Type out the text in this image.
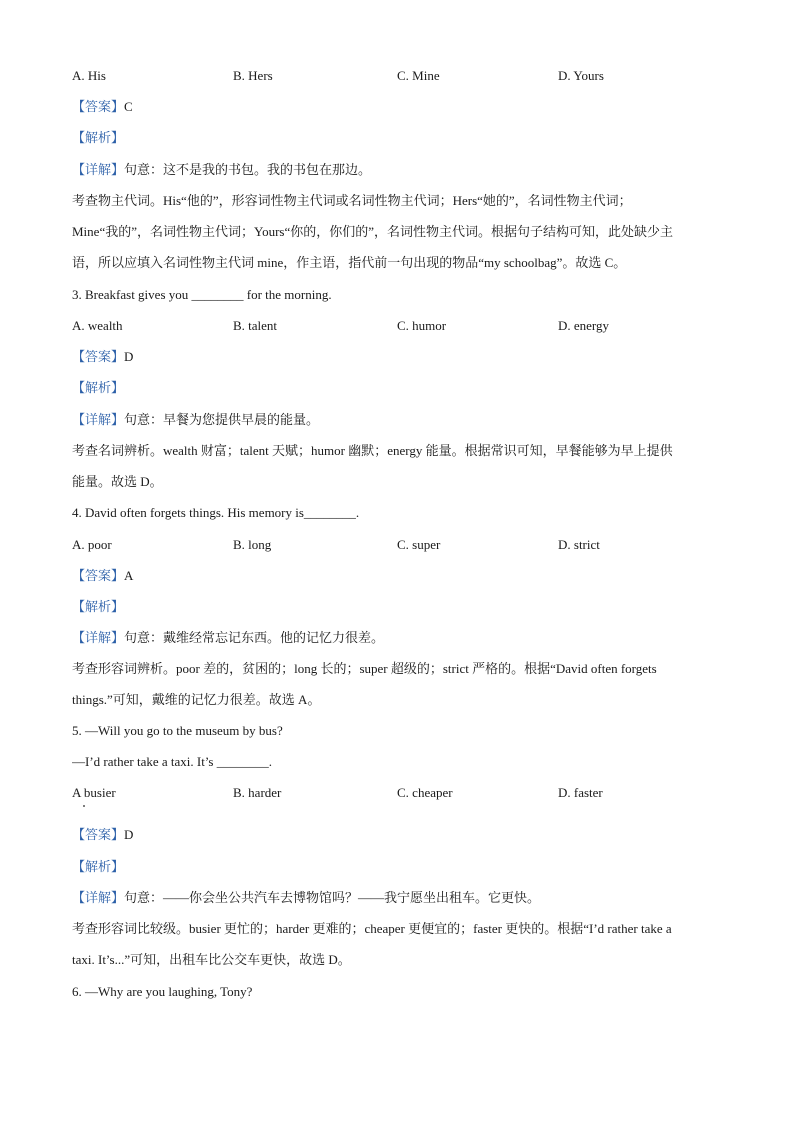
A. His	B. Hers	C. Mine	D. Yours
【答案】C
【解析】
【详解】句意：这不是我的书包。我的书包在那边。
考查物主代词。His“他的”，形容词性物主代词或名词性物主代词；Hers“她的”，名词性物主代词；
Mine“我的”，名词性物主代词；Yours“你的，你们的”，名词性物主代词。根据句子结构可知，此处缺少主
语，所以应填入名词性物主代词 mine，作主语，指代前一句出现的物品“my schoolbag”。故选 C。
3. Breakfast gives you ________ for the morning.
A. wealth	B. talent	C. humor	D. energy
【答案】D
【解析】
【详解】句意：早餐为您提供早晨的能量。
考查名词辨析。wealth 财富；talent 天赋；humor 幽默；energy 能量。根据常识可知，早餐能够为早上提供
能量。故选 D。
4. David often forgets things. His memory is________.
A. poor	B. long	C. super	D. strict
【答案】A
【解析】
【详解】句意：戴维经常忘记东西。他的记忆力很差。
考查形容词辨析。poor 差的，贫困的；long 长的；super 超级的；strict 严格的。根据“David often forgets
things.”可知，戴维的记忆力很差。故选 A。
5. —Will you go to the museum by bus?
—I’d rather take a taxi. It’s ________.
A busier	B. harder	C. cheaper	D. faster
【答案】D
【解析】
【详解】句意：——你会坐公共汽车去博物馆吗？——我宁愿坐出租车。它更快。
考查形容词比较级。busier 更忙的；harder 更难的；cheaper 更便宜的；faster 更快的。根据“I’d rather take a
taxi. It’s...”可知，出租车比公交车更快，故选 D。
6. —Why are you laughing, Tony?
